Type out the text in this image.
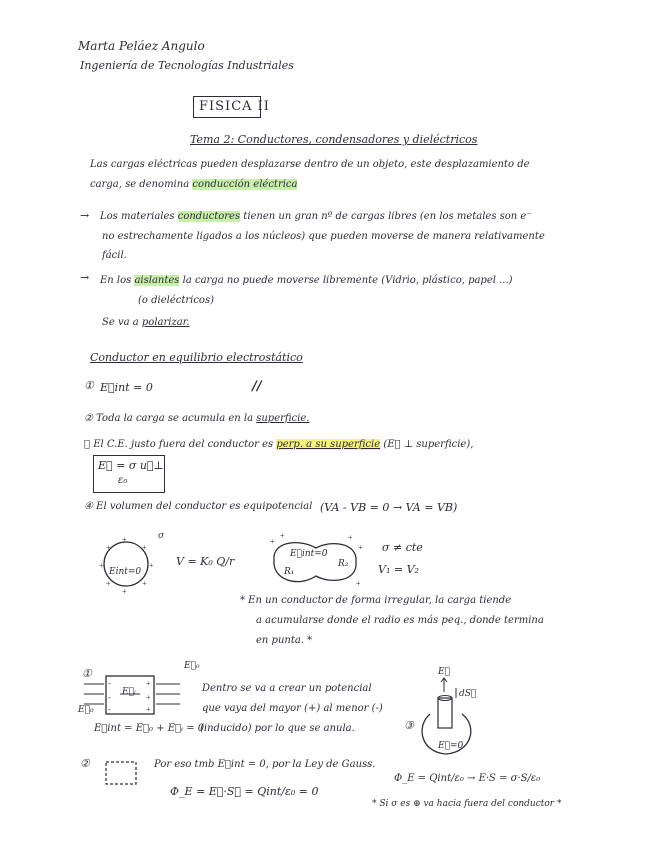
Marta Peláez Angulo
Ingeniería de Tecnologías Industriales
FISICA II
Tema 2: Conductores, condensadores y dieléctricos
Las cargas eléctricas pueden desplazarse dentro de un objeto, este desplazamiento de
carga, se denomina conducción eléctrica
→ Los materiales conductores tienen un gran nº de cargas libres (en los metales son e⁻
no estrechamente ligados a los núcleos) que pueden moverse de manera relativamente
fácil.
→ En los aislantes la carga no puede moverse libremente (Vidrio, plástico, papel ...)
(o dieléctricos)
Se va a polarizar.
Conductor en equilibrio electrostático
① E⃗int = 0	//
② Toda la carga se acumula en la superficie.
③ El C.E. justo fuera del conductor es perp. a su superficie (E⃗ ⊥ superficie),
E⃗ = σ u⃗⊥
ε₀
④ El volumen del conductor es equipotencial (VA - VB = 0 → VA = VB)
+
+	+
+	+
+	+
+
σ
Eint=0
V = K₀ Q/r
+
+	+
+
+
E⃗int=0
R₁
R₂
σ ≠ cte
V₁ = V₂
* En un conductor de forma irregular, la carga tiende
a acumularse donde el radio es más peq., donde termina
en punta. *
①
-
-
-
+
+
+
E⃗₀
E⃗ᵢ
E⃗₀
E⃗int = E⃗₀ + E⃗ᵢ = 0
Dentro se va a crear un potencial
que vaya del mayor (+) al menor (-)
(inducido) por lo que se anula.	③
E⃗
dS⃗
E⃗=0
②	Por eso tmb E⃗int = 0, por la Ley de Gauss.
Φ_E = E⃗·S⃗ = Qint/ε₀ = 0
Φ_E = Qint/ε₀ → E·S = σ·S/ε₀
* Si σ es ⊕ va hacia fuera del conductor *
